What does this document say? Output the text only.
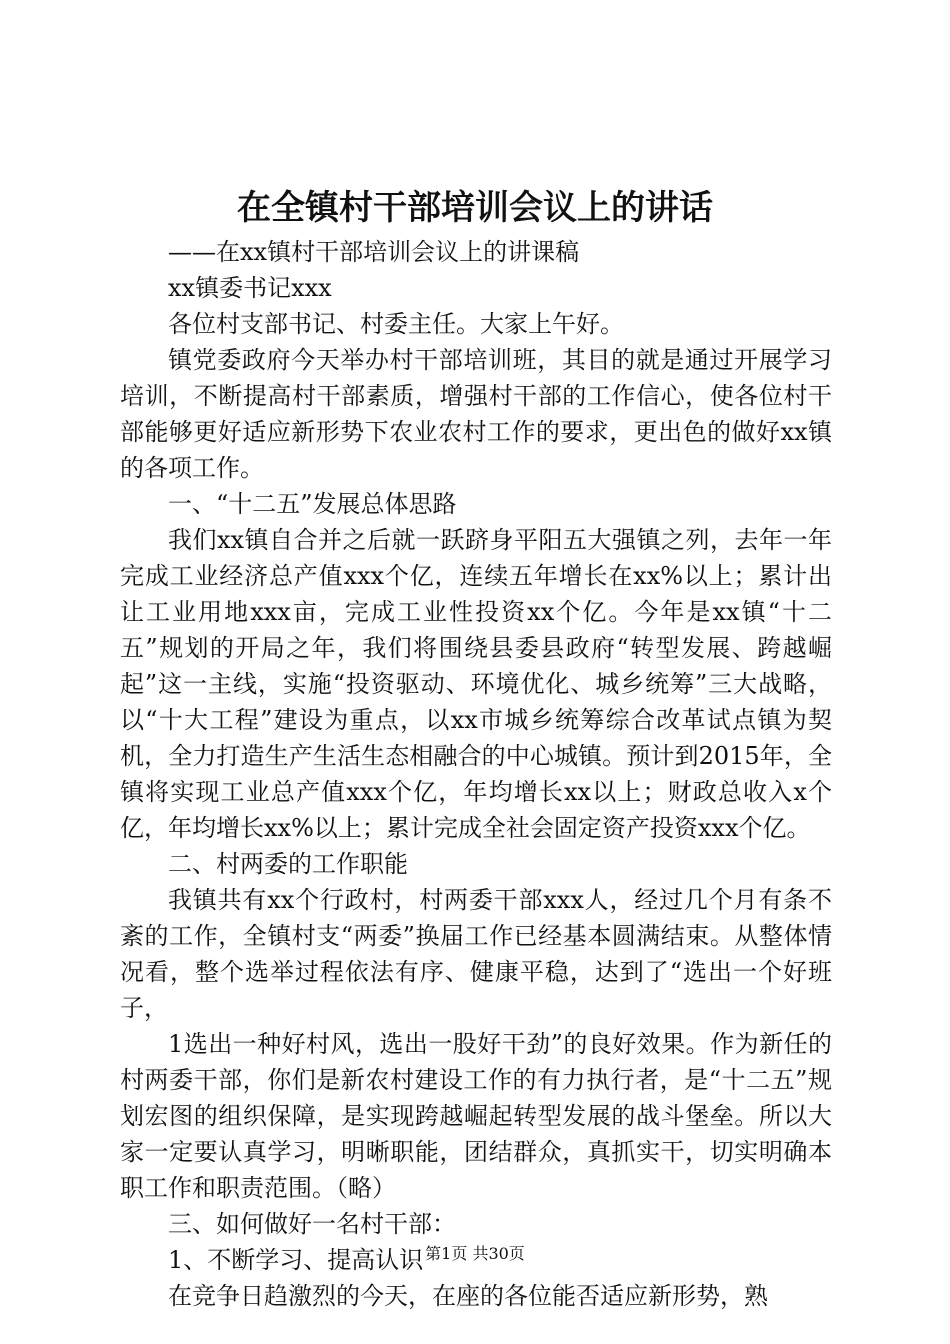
在全镇村干部培训会议上的讲话

——在xx镇村干部培训会议上的讲课稿

xx镇委书记xxx

各位村支部书记、村委主任。大家上午好。

镇党委政府今天举办村干部培训班，其目的就是通过开展学习培训，不断提高村干部素质，增强村干部的工作信心，使各位村干部能够更好适应新形势下农业农村工作的要求，更出色的做好xx镇的各项工作。

一、“十二五”发展总体思路

我们xx镇自合并之后就一跃跻身平阳五大强镇之列，去年一年完成工业经济总产值xxx个亿，连续五年增长在xx%以上；累计出让工业用地xxx亩，完成工业性投资xx个亿。今年是xx镇“十二五”规划的开局之年，我们将围绕县委县政府“转型发展、跨越崛起”这一主线，实施“投资驱动、环境优化、城乡统筹”三大战略，以“十大工程”建设为重点，以xx市城乡统筹综合改革试点镇为契机，全力打造生产生活生态相融合的中心城镇。预计到2015年，全镇将实现工业总产值xxx个亿，年均增长xx以上；财政总收入x个亿，年均增长xx%以上；累计完成全社会固定资产投资xxx个亿。

二、村两委的工作职能

我镇共有xx个行政村，村两委干部xxx人，经过几个月有条不紊的工作，全镇村支“两委”换届工作已经基本圆满结束。从整体情况看，整个选举过程依法有序、健康平稳，达到了“选出一个好班子，

1选出一种好村风，选出一股好干劲”的良好效果。作为新任的村两委干部，你们是新农村建设工作的有力执行者，是“十二五”规划宏图的组织保障，是实现跨越崛起转型发展的战斗堡垒。所以大家一定要认真学习，明晰职能，团结群众，真抓实干，切实明确本职工作和职责范围。（略）

三、如何做好一名村干部：

1、不断学习、提高认识

在竞争日趋激烈的今天，在座的各位能否适应新形势，熟

第1页 共30页
